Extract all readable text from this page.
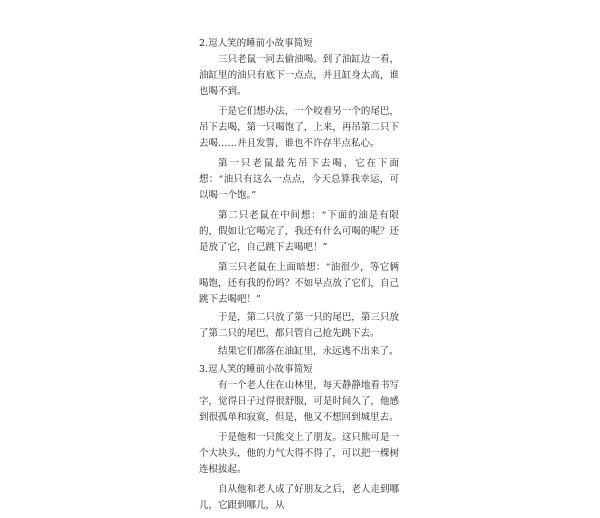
2.逗人笑的睡前小故事简短

三只老鼠一同去偷油喝。到了油缸边一看，油缸里的油只有底下一点点，并且缸身太高，谁也喝不到。

于是它们想办法，一个咬着另一个的尾巴，吊下去喝，第一只喝饱了，上来，再吊第二只下去喝……并且发誓，谁也不许存半点私心。

第一只老鼠最先吊下去喝，它在下面想：“油只有这么一点点，今天总算我幸运，可以喝一个饱。”

第二只老鼠在中间想：“下面的油是有限的，假如让它喝完了，我还有什么可喝的呢？还是放了它，自己跳下去喝吧！”

第三只老鼠在上面暗想：“油很少，等它俩喝饱，还有我的份吗？不如早点放了它们，自己跳下去喝吧！”

于是，第二只放了第一只的尾巴，第三只放了第二只的尾巴，都只管自己抢先跳下去。

结果它们都落在油缸里，永远逃不出来了。

3.逗人笑的睡前小故事简短

有一个老人住在山林里，每天静静地看书写字，觉得日子过得很舒服，可是时间久了，他感到很孤单和寂寞，但是，他又不想回到城里去。

于是他和一只熊交上了朋友。这只熊可是一个大块头，他的力气大得不得了，可以把一棵树连根拔起。

自从他和老人成了好朋友之后，老人走到哪儿，它跟到哪儿，从
